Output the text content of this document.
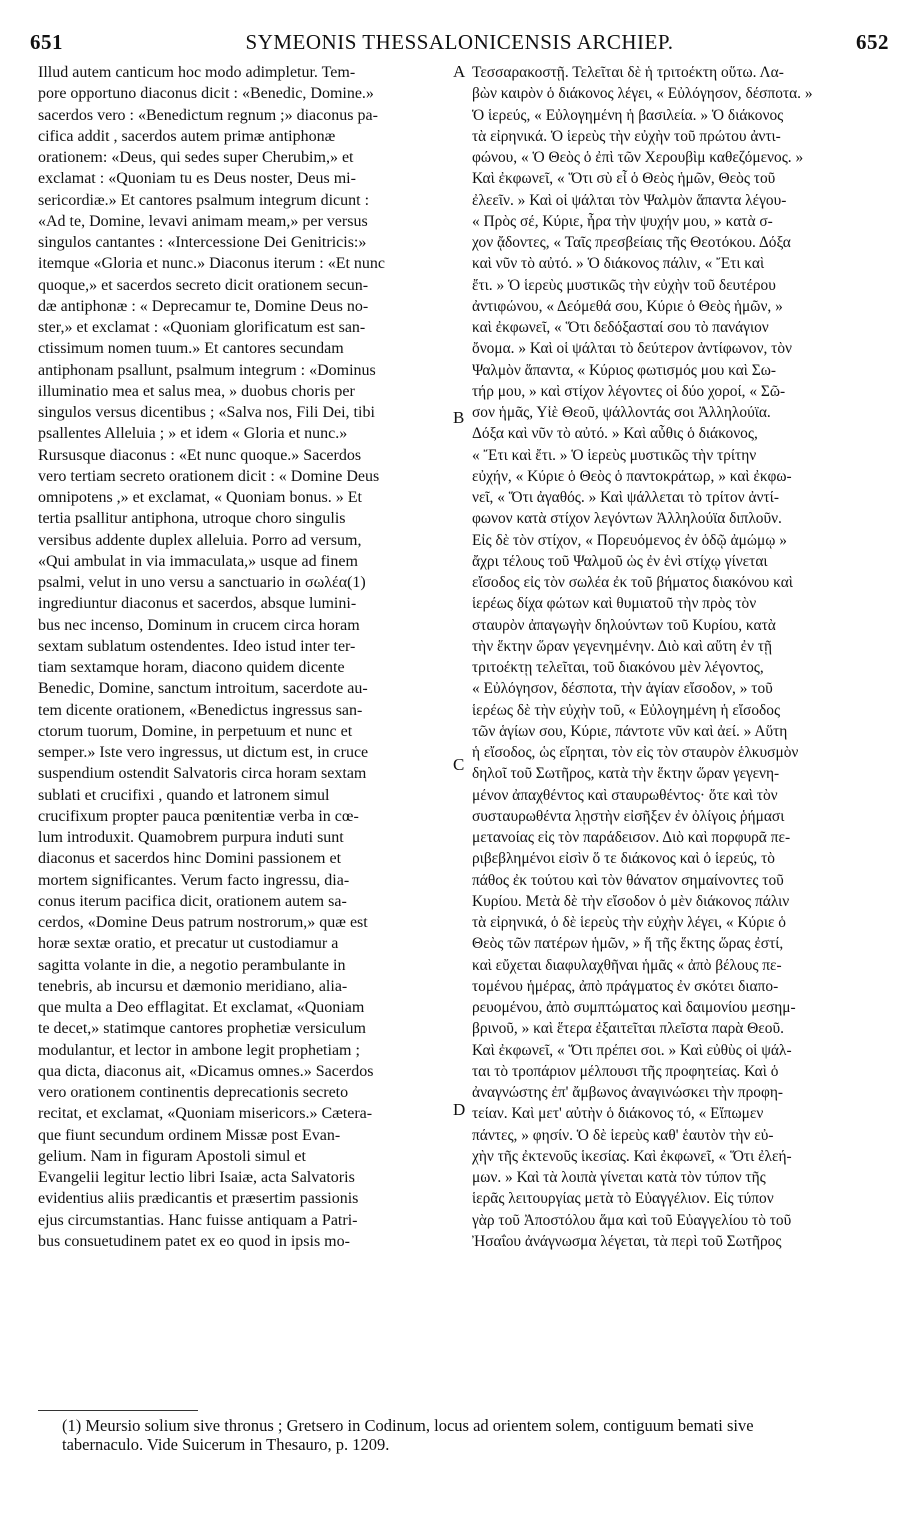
651	SYMEONIS THESSALONICENSIS ARCHIEP.	652
Illud autem canticum hoc modo adimpletur. Tem-
pore opportuno diaconus dicit : «Benedic, Domine.»
sacerdos vero : «Benedictum regnum ;» diaconus pa-
cifica addit , sacerdos autem primæ antiphonæ
orationem: «Deus, qui sedes super Cherubim,» et
exclamat : «Quoniam tu es Deus noster, Deus mi-
sericordiæ.» Et cantores psalmum integrum dicunt :
«Ad te, Domine, levavi animam meam,» per versus
singulos cantantes : «Intercessione Dei Genitricis:»
itemque «Gloria et nunc.» Diaconus iterum : «Et nunc
quoque,» et sacerdos secreto dicit orationem secun-
dæ antiphonæ : « Deprecamur te, Domine Deus no-
ster,» et exclamat : «Quoniam glorificatum est san-
ctissimum nomen tuum.» Et cantores secundam
antiphonam psallunt, psalmum integrum : «Dominus
illuminatio mea et salus mea, » duobus choris per
singulos versus dicentibus ; «Salva nos, Fili Dei, tibi
psallentes Alleluia ; » et idem « Gloria et nunc.»
Rursusque diaconus : «Et nunc quoque.» Sacerdos
vero tertiam secreto orationem dicit : « Domine Deus
omnipotens ,» et exclamat, « Quoniam bonus. » Et
tertia psallitur antiphona, utroque choro singulis
versibus addente duplex alleluia. Porro ad versum,
«Qui ambulat in via immaculata,» usque ad finem
psalmi, velut in uno versu a sanctuario in σωλέα(1)
ingrediuntur diaconus et sacerdos, absque lumini-
bus nec incenso, Dominum in crucem circa horam
sextam sublatum ostendentes. Ideo istud inter ter-
tiam sextamque horam, diacono quidem dicente
Benedic, Domine, sanctum introitum, sacerdote au-
tem dicente orationem, «Benedictus ingressus san-
ctorum tuorum, Domine, in perpetuum et nunc et
semper.» Iste vero ingressus, ut dictum est, in cruce
suspendium ostendit Salvatoris circa horam sextam
sublati et crucifixi , quando et latronem simul
crucifixum propter pauca pœnitentiæ verba in cœ-
lum introduxit. Quamobrem purpura induti sunt
diaconus et sacerdos hinc Domini passionem et
mortem significantes. Verum facto ingressu, dia-
conus iterum pacifica dicit, orationem autem sa-
cerdos, «Domine Deus patrum nostrorum,» quæ est
horæ sextæ oratio, et precatur ut custodiamur a
sagitta volante in die, a negotio perambulante in
tenebris, ab incursu et dæmonio meridiano, alia-
que multa a Deo efflagitat. Et exclamat, «Quoniam
te decet,» statimque cantores prophetiæ versiculum
modulantur, et lector in ambone legit prophetiam ;
qua dicta, diaconus ait, «Dicamus omnes.» Sacerdos
vero orationem continentis deprecationis secreto
recitat, et exclamat, «Quoniam misericors.» Cætera-
que fiunt secundum ordinem Missæ post Evan-
gelium. Nam in figuram Apostoli simul et
Evangelii legitur lectio libri Isaiæ, acta Salvatoris
evidentius aliis prædicantis et præsertim passionis
ejus circumstantias. Hanc fuisse antiquam a Patri-
bus consuetudinem patet ex eo quod in ipsis mo-
Τεσσαρακοστῇ. Τελεῖται δὲ ἡ τριτοέκτη οὕτω. Λα-
βὼν καιρὸν ὁ διάκονος λέγει, « Εὐλόγησον, δέσποτα. »
Ὁ ἱερεύς, « Εὐλογημένη ἡ βασιλεία. » Ὁ διάκονος
τὰ εἰρηνικά. Ὁ ἱερεὺς τὴν εὐχὴν τοῦ πρώτου ἀντι-
φώνου, « Ὁ Θεὸς ὁ ἐπὶ τῶν Χερουβὶμ καθεζόμενος. »
Καὶ ἐκφωνεῖ, « Ὅτι σὺ εἶ ὁ Θεὸς ἡμῶν, Θεὸς τοῦ
ἐλεεῖν. » Καὶ οἱ ψάλται τὸν Ψαλμὸν ἅπαντα λέγου-
« Πρὸς σέ, Κύριε, ἦρα τὴν ψυχήν μου, » κατὰ σ-
χον ᾄδοντες, « Ταῖς πρεσβείαις τῆς Θεοτόκου. Δόξα
καὶ νῦν τὸ αὐτό. » Ὁ διάκονος πάλιν, « Ἔτι καὶ
ἔτι. » Ὁ ἱερεὺς μυστικῶς τὴν εὐχὴν τοῦ δευτέρου
ἀντιφώνου, « Δεόμεθά σου, Κύριε ὁ Θεὸς ἡμῶν, »
καὶ ἐκφωνεῖ, « Ὅτι δεδόξασταί σου τὸ πανάγιον
ὄνομα. » Καὶ οἱ ψάλται τὸ δεύτερον ἀντίφωνον, τὸν
Ψαλμὸν ἅπαντα, « Κύριος φωτισμός μου καὶ Σω-
τήρ μου, » καὶ στίχον λέγοντες οἱ δύο χοροί, « Σῶ-
σον ἡμᾶς, Υἱὲ Θεοῦ, ψάλλοντάς σοι Ἀλληλούϊα.
Δόξα καὶ νῦν τὸ αὐτό. » Καὶ αὖθις ὁ διάκονος,
« Ἔτι καὶ ἔτι. » Ὁ ἱερεὺς μυστικῶς τὴν τρίτην
εὐχήν, « Κύριε ὁ Θεὸς ὁ παντοκράτωρ, » καὶ ἐκφω-
νεῖ, « Ὅτι ἀγαθός. » Καὶ ψάλλεται τὸ τρίτον ἀντί-
φωνον κατὰ στίχον λεγόντων Ἀλληλούϊα διπλοῦν.
Εἰς δὲ τὸν στίχον, « Πορευόμενος ἐν ὁδῷ ἀμώμῳ »
ἄχρι τέλους τοῦ Ψαλμοῦ ὡς ἐν ἑνὶ στίχῳ γίνεται
εἴσοδος εἰς τὸν σωλέα ἐκ τοῦ βήματος διακόνου καὶ
ἱερέως δίχα φώτων καὶ θυμιατοῦ τὴν πρὸς τὸν
σταυρὸν ἀπαγωγὴν δηλούντων τοῦ Κυρίου, κατὰ
τὴν ἕκτην ὥραν γεγενημένην. Διὸ καὶ αὕτη ἐν τῇ
τριτοέκτῃ τελεῖται, τοῦ διακόνου μὲν λέγοντος,
« Εὐλόγησον, δέσποτα, τὴν ἁγίαν εἴσοδον, » τοῦ
ἱερέως δὲ τὴν εὐχὴν τοῦ, « Εὐλογημένη ἡ εἴσοδος
τῶν ἁγίων σου, Κύριε, πάντοτε νῦν καὶ ἀεί. » Αὕτη
ἡ εἴσοδος, ὡς εἴρηται, τὸν εἰς τὸν σταυρὸν ἑλκυσμὸν
δηλοῖ τοῦ Σωτῆρος, κατὰ τὴν ἕκτην ὥραν γεγενη-
μένον ἀπαχθέντος καὶ σταυρωθέντος· ὅτε καὶ τὸν
συσταυρωθέντα λῃστὴν εἰσῆξεν ἐν ὀλίγοις ῥήμασι
μετανοίας εἰς τὸν παράδεισον. Διὸ καὶ πορφυρᾶ πε-
ριβεβλημένοι εἰσὶν ὅ τε διάκονος καὶ ὁ ἱερεύς, τὸ
πάθος ἐκ τούτου καὶ τὸν θάνατον σημαίνοντες τοῦ
Κυρίου. Μετὰ δὲ τὴν εἴσοδον ὁ μὲν διάκονος πάλιν
τὰ εἰρηνικά, ὁ δὲ ἱερεὺς τὴν εὐχὴν λέγει, « Κύριε ὁ
Θεὸς τῶν πατέρων ἡμῶν, » ἥ τῆς ἕκτης ὥρας ἐστί,
καὶ εὔχεται διαφυλαχθῆναι ἡμᾶς « ἀπὸ βέλους πε-
τομένου ἡμέρας, ἀπὸ πράγματος ἐν σκότει διαπο-
ρευομένου, ἀπὸ συμπτώματος καὶ δαιμονίου μεσημ-
βρινοῦ, » καὶ ἕτερα ἐξαιτεῖται πλεῖστα παρὰ Θεοῦ.
Καὶ ἐκφωνεῖ, « Ὅτι πρέπει σοι. » Καὶ εὐθὺς οἱ ψάλ-
ται τὸ τροπάριον μέλπουσι τῆς προφητείας. Καὶ ὁ
ἀναγνώστης ἐπ' ἄμβωνος ἀναγινώσκει τὴν προφη-
τείαν. Καὶ μετ' αὐτὴν ὁ διάκονος τό, « Εἴπωμεν
πάντες, » φησίν. Ὁ δὲ ἱερεὺς καθ' ἑαυτὸν τὴν εὐ-
χὴν τῆς ἐκτενοῦς ἱκεσίας. Καὶ ἐκφωνεῖ, « Ὅτι ἐλεή-
μων. » Καὶ τὰ λοιπὰ γίνεται κατὰ τὸν τύπον τῆς
ἱερᾶς λειτουργίας μετὰ τὸ Εὐαγγέλιον. Εἰς τύπον
γὰρ τοῦ Ἀποστόλου ἅμα καὶ τοῦ Εὐαγγελίου τὸ τοῦ
Ἠσαΐου ἀνάγνωσμα λέγεται, τὰ περὶ τοῦ Σωτῆρος
A
B
C
D
(1) Meursio solium sive thronus ; Gretsero in Codinum, locus ad orientem solem, contiguum bemati sive
tabernaculo. Vide Suicerum in Thesauro, p. 1209.
